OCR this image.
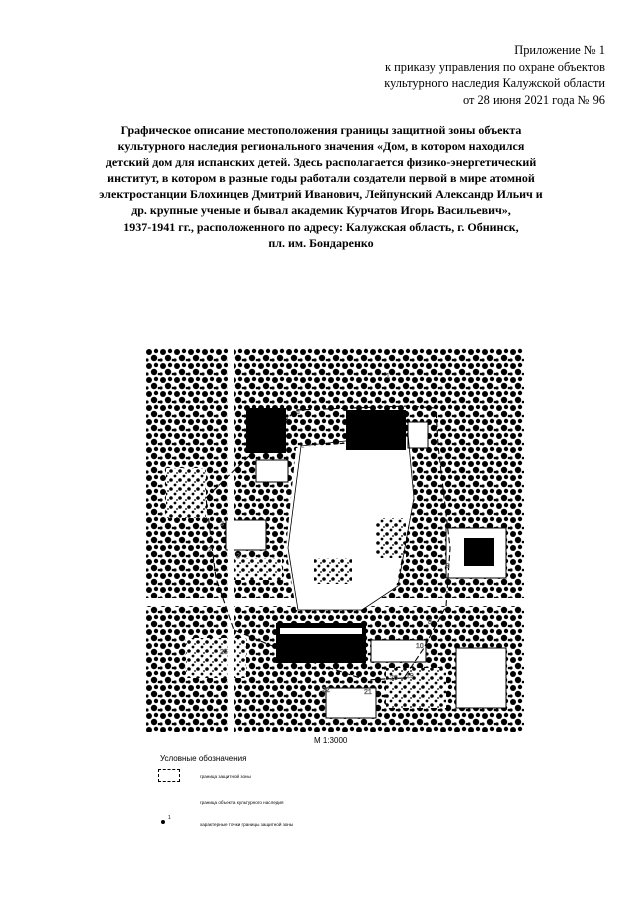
Приложение № 1
к приказу управления по охране объектов
культурного наследия Калужской области
от 28 июня 2021 года № 96
Графическое описание местоположения границы защитной зоны объекта
культурного наследия регионального значения «Дом, в котором находился
детский дом для испанских детей. Здесь располагается физико-энергетический
институт, в котором в разные годы работали создатели первой в мире атомной
электростанции Блохинцев Дмитрий Иванович, Лейпунский Александр Ильич и
др. крупные ученые и бывал академик Курчатов Игорь Васильевич»,
1937-1941 гг., расположенного по адресу: Калужская область, г. Обнинск,
пл. им. Бондаренко
2
2
3
6
8
10
20
21
22
25
1
9
19
М 1:3000
Условные обозначения
граница защитной зоны
граница объекта культурного наследия
1
характерные точки границы защитной зоны
